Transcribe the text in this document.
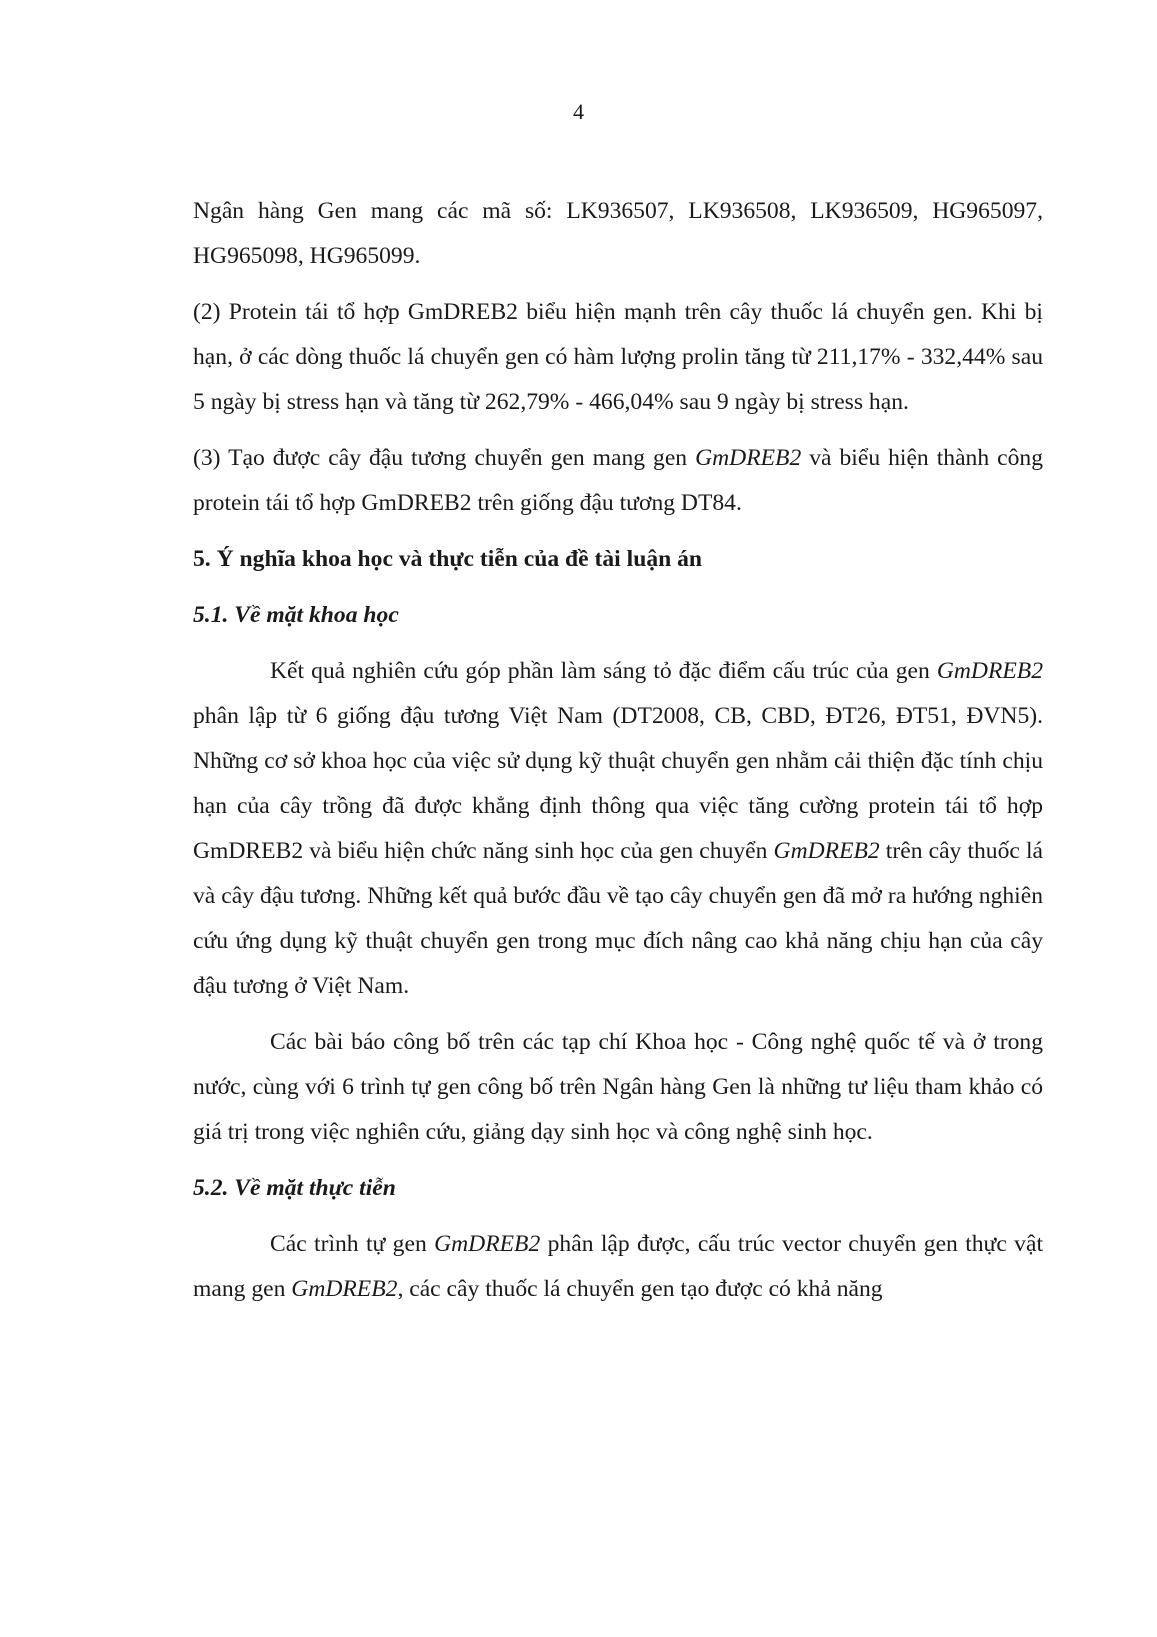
4

Ngân hàng Gen mang các mã số: LK936507, LK936508, LK936509, HG965097, HG965098, HG965099.

(2) Protein tái tổ hợp GmDREB2 biểu hiện mạnh trên cây thuốc lá chuyển gen. Khi bị hạn, ở các dòng thuốc lá chuyển gen có hàm lượng prolin tăng từ 211,17% - 332,44% sau 5 ngày bị stress hạn và tăng từ 262,79% - 466,04% sau 9 ngày bị stress hạn.

(3) Tạo được cây đậu tương chuyển gen mang gen GmDREB2 và biểu hiện thành công protein tái tổ hợp GmDREB2 trên giống đậu tương DT84.

5. Ý nghĩa khoa học và thực tiễn của đề tài luận án
5.1. Về mặt khoa học

Kết quả nghiên cứu góp phần làm sáng tỏ đặc điểm cấu trúc của gen GmDREB2 phân lập từ 6 giống đậu tương Việt Nam (DT2008, CB, CBD, ĐT26, ĐT51, ĐVN5). Những cơ sở khoa học của việc sử dụng kỹ thuật chuyển gen nhằm cải thiện đặc tính chịu hạn của cây trồng đã được khẳng định thông qua việc tăng cường protein tái tổ hợp GmDREB2 và biểu hiện chức năng sinh học của gen chuyển GmDREB2 trên cây thuốc lá và cây đậu tương. Những kết quả bước đầu về tạo cây chuyển gen đã mở ra hướng nghiên cứu ứng dụng kỹ thuật chuyển gen trong mục đích nâng cao khả năng chịu hạn của cây đậu tương ở Việt Nam.

Các bài báo công bố trên các tạp chí Khoa học - Công nghệ quốc tế và ở trong nước, cùng với 6 trình tự gen công bố trên Ngân hàng Gen là những tư liệu tham khảo có giá trị trong việc nghiên cứu, giảng dạy sinh học và công nghệ sinh học.

5.2. Về mặt thực tiễn

Các trình tự gen GmDREB2 phân lập được, cấu trúc vector chuyển gen thực vật mang gen GmDREB2, các cây thuốc lá chuyển gen tạo được có khả năng
